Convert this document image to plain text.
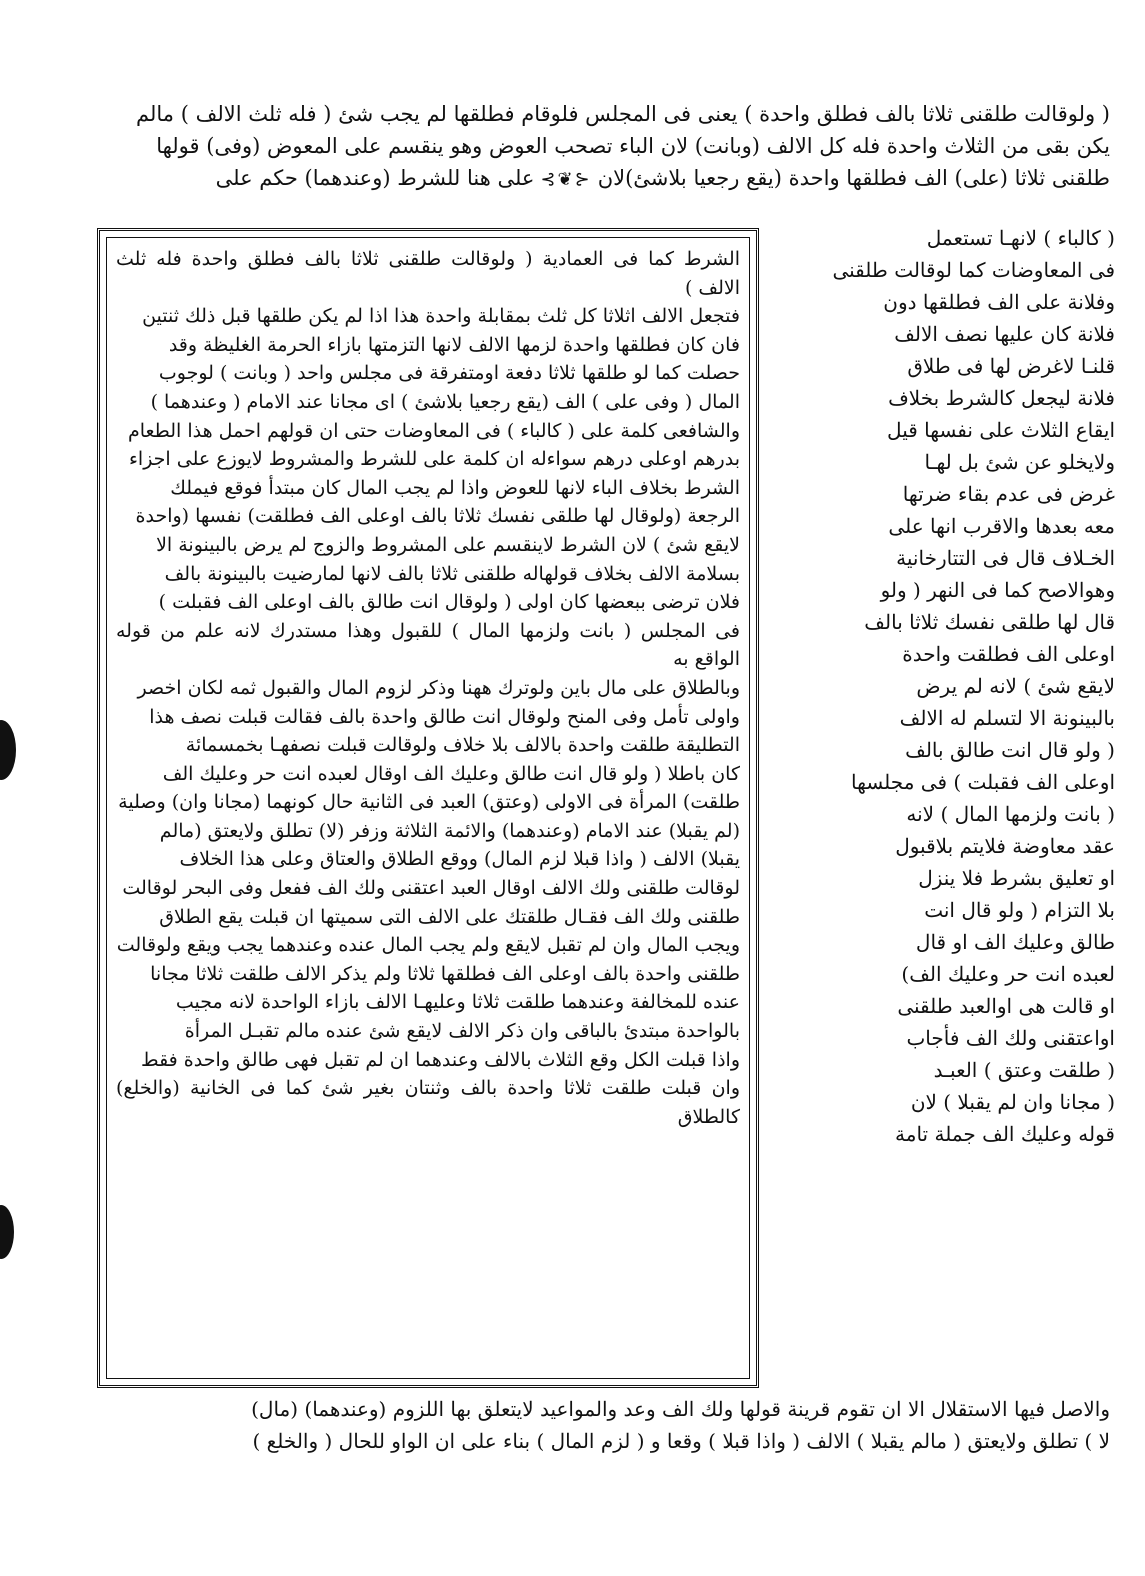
( ولوقالت طلقنى ثلاثا بالف فطلق واحدة ) يعنى فى المجلس فلوقام فطلقها لم يجب شئ ( فله ثلث الالف ) مالم

يكن بقى من الثلاث واحدة فله كل الالف (وبانت) لان الباء تصحب العوض وهو ينقسم على المعوض (وفى) قولها

طلقنى ثلاثا (على) الف فطلقها واحدة (يقع رجعيا بلاشئ)لان⊰❦⊱على هنا للشرط (وعندهما) حكم على

( كالباء ) لانهـا تستعمل

فى المعاوضات كما لوقالت طلقنى

وفلانة على الف فطلقها دون

فلانة كان عليها نصف الالف

قلنـا لاغرض لها فى طلاق

فلانة ليجعل كالشرط بخلاف

ايقاع الثلاث على نفسها قيل

ولايخلو عن شئ بل لهـا

غرض فى عدم بقاء ضرتها

معه بعدها والاقرب انها على

الخـلاف قال فى التتارخانية

وهوالاصح كما فى النهر ( ولو

قال لها طلقى نفسك ثلاثا بالف

اوعلى الف فطلقت واحدة

لايقع شئ ) لانه لم يرض

بالبينونة الا لتسلم له الالف

( ولو قال انت طالق بالف

اوعلى الف فقبلت ) فى مجلسها

( بانت ولزمها المال ) لانه

عقد معاوضة فلايتم بلاقبول

او تعليق بشرط فلا ينزل

بلا التزام ( ولو قال انت

طالق وعليك الف او قال

لعبده انت حر وعليك الف)

او قالت هى اوالعبد طلقنى

اواعتقنى ولك الف فأجاب

( طلقت وعتق ) العبـد

( مجانا وان لم يقبلا ) لان

قوله وعليك الف جملة تامة

الشرط كما فى العمادية ( ولوقالت طلقنى ثلاثا بالف فطلق واحدة فله ثلث الالف )

فتجعل الالف اثلاثا كل ثلث بمقابلة واحدة هذا اذا لم يكن طلقها قبل ذلك ثنتين

فان كان فطلقها واحدة لزمها الالف لانها التزمتها بازاء الحرمة الغليظة وقد

حصلت كما لو طلقها ثلاثا دفعة اومتفرقة فى مجلس واحد ( وبانت ) لوجوب

المال ( وفى على ) الف (يقع رجعيا بلاشئ ) اى مجانا عند الامام ( وعندهما )

والشافعى كلمة على ( كالباء ) فى المعاوضات حتى ان قولهم احمل هذا الطعام

بدرهم اوعلى درهم سواءله ان كلمة على للشرط والمشروط لايوزع على اجزاء

الشرط بخلاف الباء لانها للعوض واذا لم يجب المال كان مبتدأ فوقع فيملك

الرجعة (ولوقال لها طلقى نفسك ثلاثا بالف اوعلى الف فطلقت) نفسها (واحدة

لايقع شئ ) لان الشرط لاينقسم على المشروط والزوج لم يرض بالبينونة الا

بسلامة الالف بخلاف قولهاله طلقنى ثلاثا بالف لانها لمارضيت بالبينونة بالف

فلان ترضى ببعضها كان اولى ( ولوقال انت طالق بالف اوعلى الف فقبلت )

فى المجلس ( بانت ولزمها المال ) للقبول وهذا مستدرك لانه علم من قوله الواقع به

وبالطلاق على مال باين ولوترك ههنا وذكر لزوم المال والقبول ثمه لكان اخصر

واولى تأمل وفى المنح ولوقال انت طالق واحدة بالف فقالت قبلت نصف هذا

التطليقة طلقت واحدة بالالف بلا خلاف ولوقالت قبلت نصفهـا بخمسمائة

كان باطلا ( ولو قال انت طالق وعليك الف اوقال لعبده انت حر وعليك الف

طلقت) المرأة فى الاولى (وعتق) العبد فى الثانية حال كونهما (مجانا وان) وصلية

(لم يقبلا) عند الامام (وعندهما) والائمة الثلاثة وزفر (لا) تطلق ولايعتق (مالم

يقبلا) الالف ( واذا قبلا لزم المال) ووقع الطلاق والعتاق وعلى هذا الخلاف

لوقالت طلقنى ولك الالف اوقال العبد اعتقنى ولك الف ففعل وفى البحر لوقالت

طلقنى ولك الف فقـال طلقتك على الالف التى سميتها ان قبلت يقع الطلاق

ويجب المال وان لم تقبل لايقع ولم يجب المال عنده وعندهما يجب ويقع ولوقالت

طلقنى واحدة بالف اوعلى الف فطلقها ثلاثا ولم يذكر الالف طلقت ثلاثا مجانا

عنده للمخالفة وعندهما طلقت ثلاثا وعليهـا الالف بازاء الواحدة لانه مجيب

بالواحدة مبتدئ بالباقى وان ذكر الالف لايقع شئ عنده مالم تقبـل المرأة

واذا قبلت الكل وقع الثلاث بالالف وعندهما ان لم تقبل فهى طالق واحدة فقط

وان قبلت طلقت ثلاثا واحدة بالف وثنتان بغير شئ كما فى الخانية (والخلع) كالطلاق

والاصل فيها الاستقلال الا ان تقوم قرينة قولها ولك الف وعد والمواعيد لايتعلق بها اللزوم (وعندهما) (مال)

لا ) تطلق ولايعتق ( مالم يقبلا ) الالف ( واذا قبلا ) وقعا و ( لزم المال ) بناء على ان الواو للحال ( والخلع )
